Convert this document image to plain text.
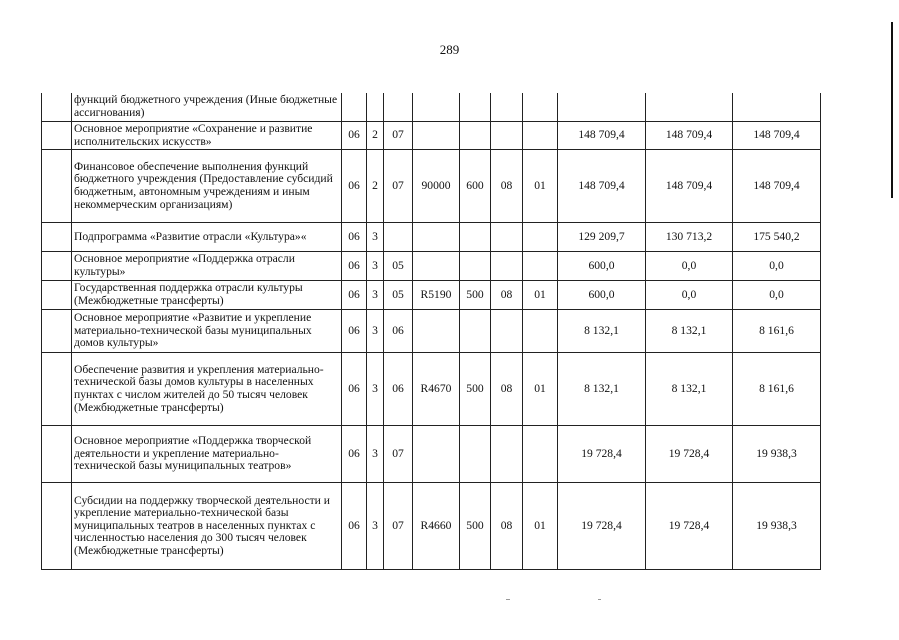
289
	функций бюджетного учреждения (Иные бюджетные ассигнования)										
	Основное мероприятие «Сохранение и развитие исполнительских искусств»	06	2	07					148 709,4	148 709,4	148 709,4
	Финансовое обеспечение выполнения функций бюджетного учреждения (Предоставление субсидий бюджетным, автономным учреждениям и иным некоммерческим организациям)	06	2	07	90000	600	08	01	148 709,4	148 709,4	148 709,4
	Подпрограмма «Развитие отрасли «Культура»«	06	3						129 209,7	130 713,2	175 540,2
	Основное мероприятие «Поддержка отрасли культуры»	06	3	05					600,0	0,0	0,0
	Государственная поддержка отрасли культуры (Межбюджетные трансферты)	06	3	05	R5190	500	08	01	600,0	0,0	0,0
	Основное мероприятие «Развитие и укрепление материально-технической базы муниципальных домов культуры»	06	3	06					8 132,1	8 132,1	8 161,6
	Обеспечение развития и укрепления материально-технической базы домов культуры в населенных пунктах с числом жителей до 50 тысяч человек (Межбюджетные трансферты)	06	3	06	R4670	500	08	01	8 132,1	8 132,1	8 161,6
	Основное мероприятие «Поддержка творческой деятельности и укрепление материально-технической базы муниципальных театров»	06	3	07					19 728,4	19 728,4	19 938,3
	Субсидии на поддержку творческой деятельности и укрепление материально-технической базы муниципальных театров в населенных пунктах с численностью населения до 300 тысяч человек (Межбюджетные трансферты)	06	3	07	R4660	500	08	01	19 728,4	19 728,4	19 938,3
